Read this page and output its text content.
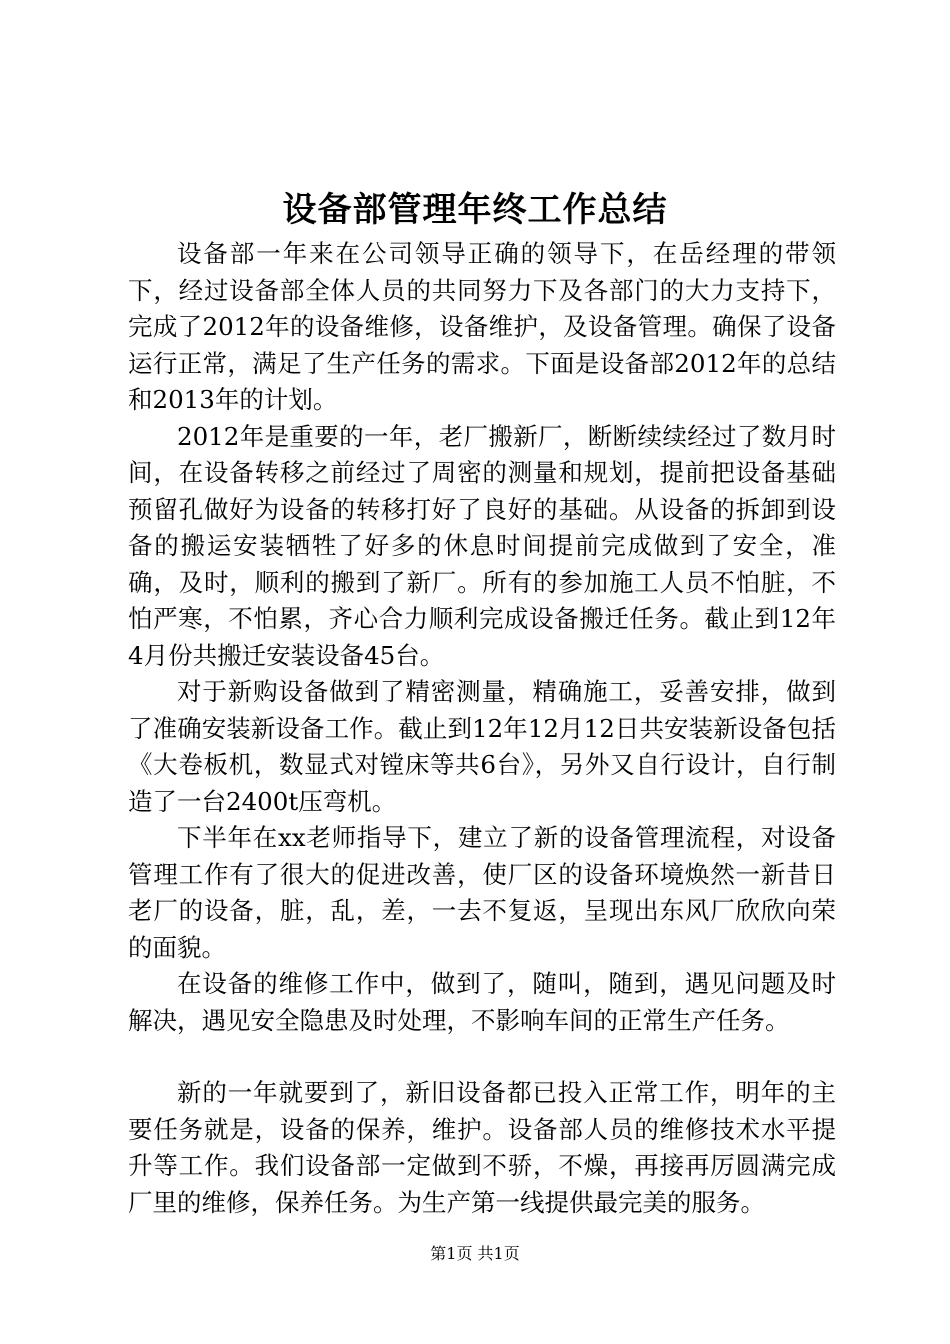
设备部管理年终工作总结

设备部一年来在公司领导正确的领导下，在岳经理的带领下，经过设备部全体人员的共同努力下及各部门的大力支持下，完成了2012年的设备维修，设备维护，及设备管理。确保了设备运行正常，满足了生产任务的需求。下面是设备部2012年的总结和2013年的计划。

2012年是重要的一年，老厂搬新厂，断断续续经过了数月时间，在设备转移之前经过了周密的测量和规划，提前把设备基础预留孔做好为设备的转移打好了良好的基础。从设备的拆卸到设备的搬运安装牺牲了好多的休息时间提前完成做到了安全，准确，及时，顺利的搬到了新厂。所有的参加施工人员不怕脏，不怕严寒，不怕累，齐心合力顺利完成设备搬迁任务。截止到12年4月份共搬迁安装设备45台。

对于新购设备做到了精密测量，精确施工，妥善安排，做到了准确安装新设备工作。截止到12年12月12日共安装新设备包括《大卷板机，数显式对镗床等共6台》，另外又自行设计，自行制造了一台2400t压弯机。

下半年在xx老师指导下，建立了新的设备管理流程，对设备管理工作有了很大的促进改善，使厂区的设备环境焕然一新昔日老厂的设备，脏，乱，差，一去不复返，呈现出东风厂欣欣向荣的面貌。

在设备的维修工作中，做到了，随叫，随到，遇见问题及时解决，遇见安全隐患及时处理，不影响车间的正常生产任务。

新的一年就要到了，新旧设备都已投入正常工作，明年的主要任务就是，设备的保养，维护。设备部人员的维修技术水平提升等工作。我们设备部一定做到不骄，不燥，再接再厉圆满完成厂里的维修，保养任务。为生产第一线提供最完美的服务。

第1页 共1页
